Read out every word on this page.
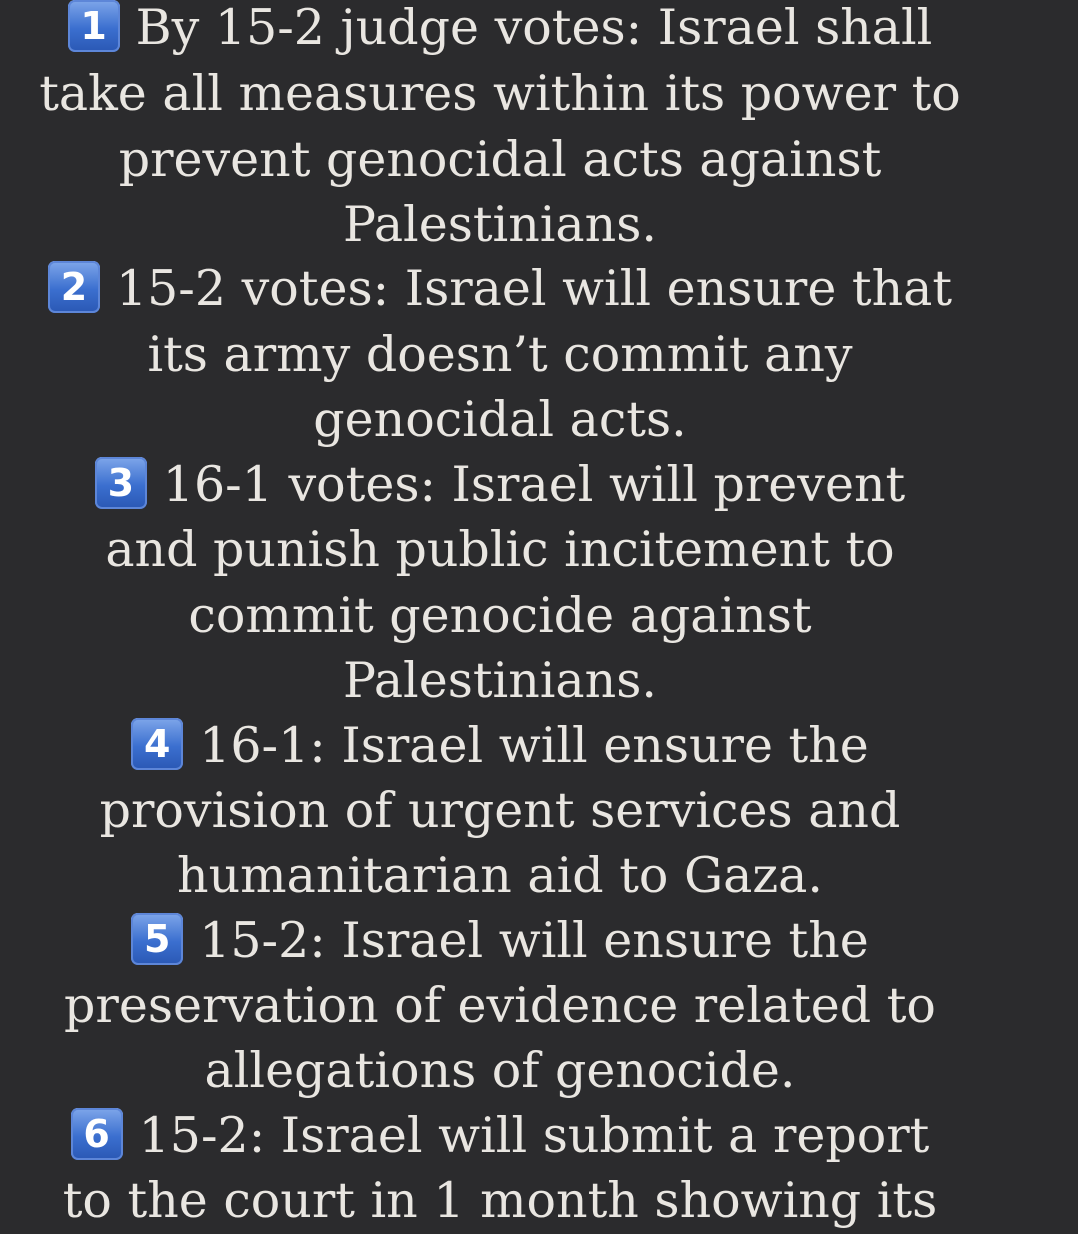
1 By 15-2 judge votes: Israel shall
take all measures within its power to
prevent genocidal acts against
Palestinians.
2 15-2 votes: Israel will ensure that
its army doesn’t commit any
genocidal acts.
3 16-1 votes: Israel will prevent
and punish public incitement to
commit genocide against
Palestinians.
4 16-1: Israel will ensure the
provision of urgent services and
humanitarian aid to Gaza.
5 15-2: Israel will ensure the
preservation of evidence related to
allegations of genocide.
6 15-2: Israel will submit a report
to the court in 1 month showing its
